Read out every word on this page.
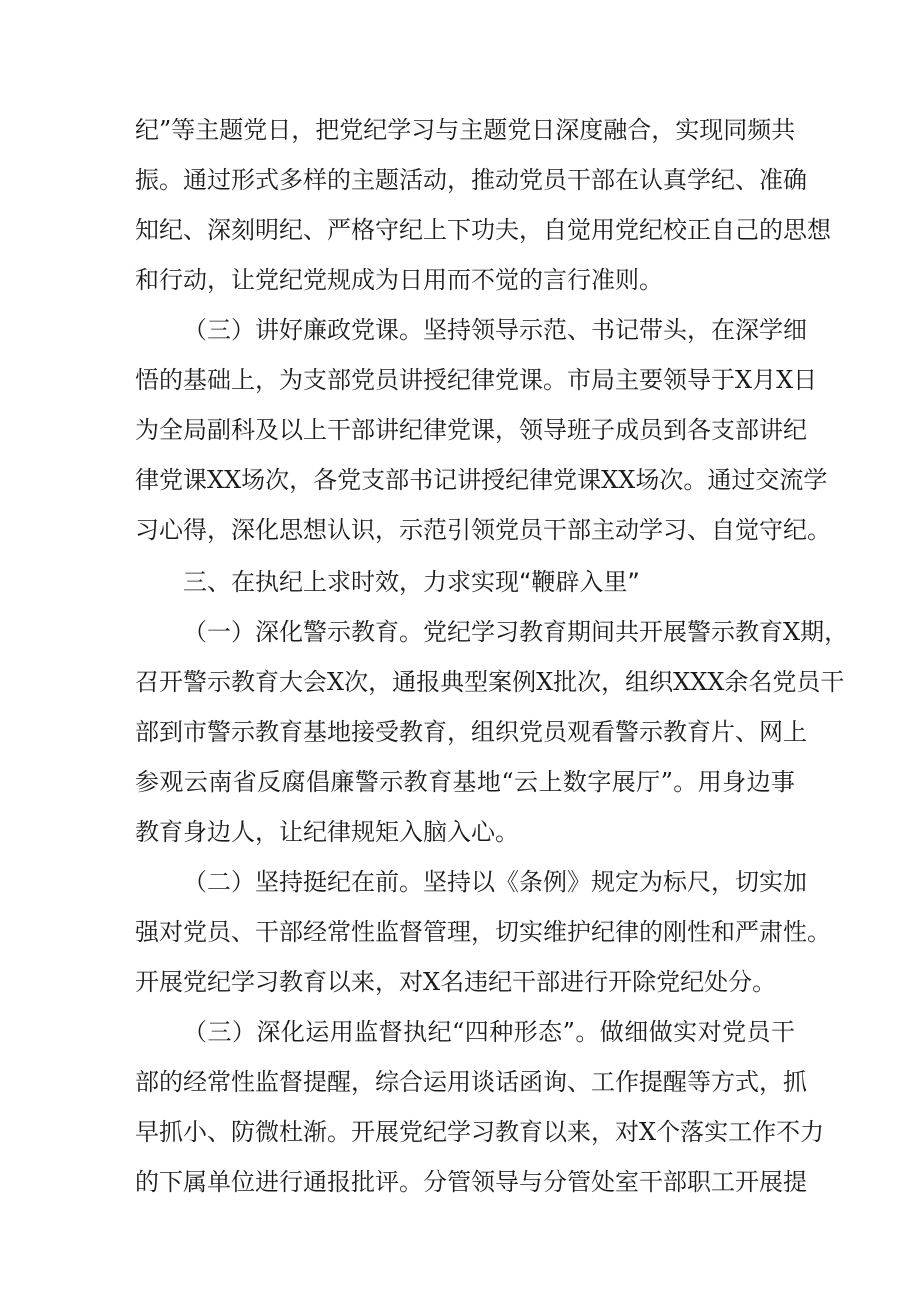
纪”等主题党日，把党纪学习与主题党日深度融合，实现同频共
振。通过形式多样的主题活动，推动党员干部在认真学纪、准确
知纪、深刻明纪、严格守纪上下功夫，自觉用党纪校正自己的思想
和行动，让党纪党规成为日用而不觉的言行准则。
（三）讲好廉政党课。坚持领导示范、书记带头，在深学细
悟的基础上，为支部党员讲授纪律党课。市局主要领导于X月X日
为全局副科及以上干部讲纪律党课，领导班子成员到各支部讲纪
律党课XX场次，各党支部书记讲授纪律党课XX场次。通过交流学
习心得，深化思想认识，示范引领党员干部主动学习、自觉守纪。
三、在执纪上求时效，力求实现“鞭辟入里”
（一）深化警示教育。党纪学习教育期间共开展警示教育X期，
召开警示教育大会X次，通报典型案例X批次，组织XXX余名党员干
部到市警示教育基地接受教育，组织党员观看警示教育片、网上
参观云南省反腐倡廉警示教育基地“云上数字展厅”。用身边事
教育身边人，让纪律规矩入脑入心。
（二）坚持挺纪在前。坚持以《条例》规定为标尺，切实加
强对党员、干部经常性监督管理，切实维护纪律的刚性和严肃性。
开展党纪学习教育以来，对X名违纪干部进行开除党纪处分。
（三）深化运用监督执纪“四种形态”。做细做实对党员干
部的经常性监督提醒，综合运用谈话函询、工作提醒等方式，抓
早抓小、防微杜渐。开展党纪学习教育以来，对X个落实工作不力
的下属单位进行通报批评。分管领导与分管处室干部职工开展提
